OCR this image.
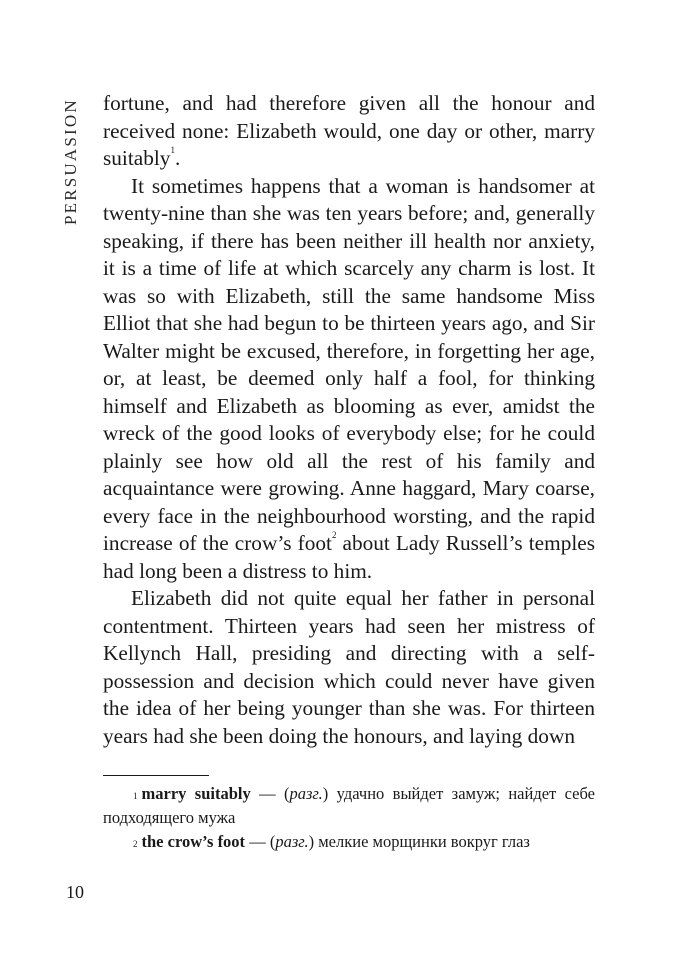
PERSUASION fortune, and had therefore given all the honour and received none: Elizabeth would, one day or other, marry suitably$^1$.

It sometimes happens that a woman is handsomer at twenty-nine than she was ten years before; and, generally speaking, if there has been neither ill health nor anxiety, it is a time of life at which scarcely any charm is lost. It was so with Elizabeth, still the same handsome Miss Elliot that she had begun to be thirteen years ago, and Sir Walter might be excused, therefore, in forgetting her age, or, at least, be deemed only half a fool, for thinking himself and Elizabeth as blooming as ever, amidst the wreck of the good looks of everybody else; for he could plainly see how old all the rest of his family and acquaintance were growing. Anne haggard, Mary coarse, every face in the neighbourhood worsting, and the rapid increase of the crow’s foot$^2$ about Lady Russell’s temples had long been a distress to him.

Elizabeth did not quite equal her father in personal contentment. Thirteen years had seen her mistress of Kellynch Hall, presiding and directing with a self-possession and decision which could never have given the idea of her being younger than she was. For thirteen years had she been doing the honours, and laying down

$^1$ marry suitably — (разг.) удачно выйдет замуж; найдет себе подходящего мужа

$^2$ the crow’s foot — (разг.) мелкие морщинки вокруг глаз

10
